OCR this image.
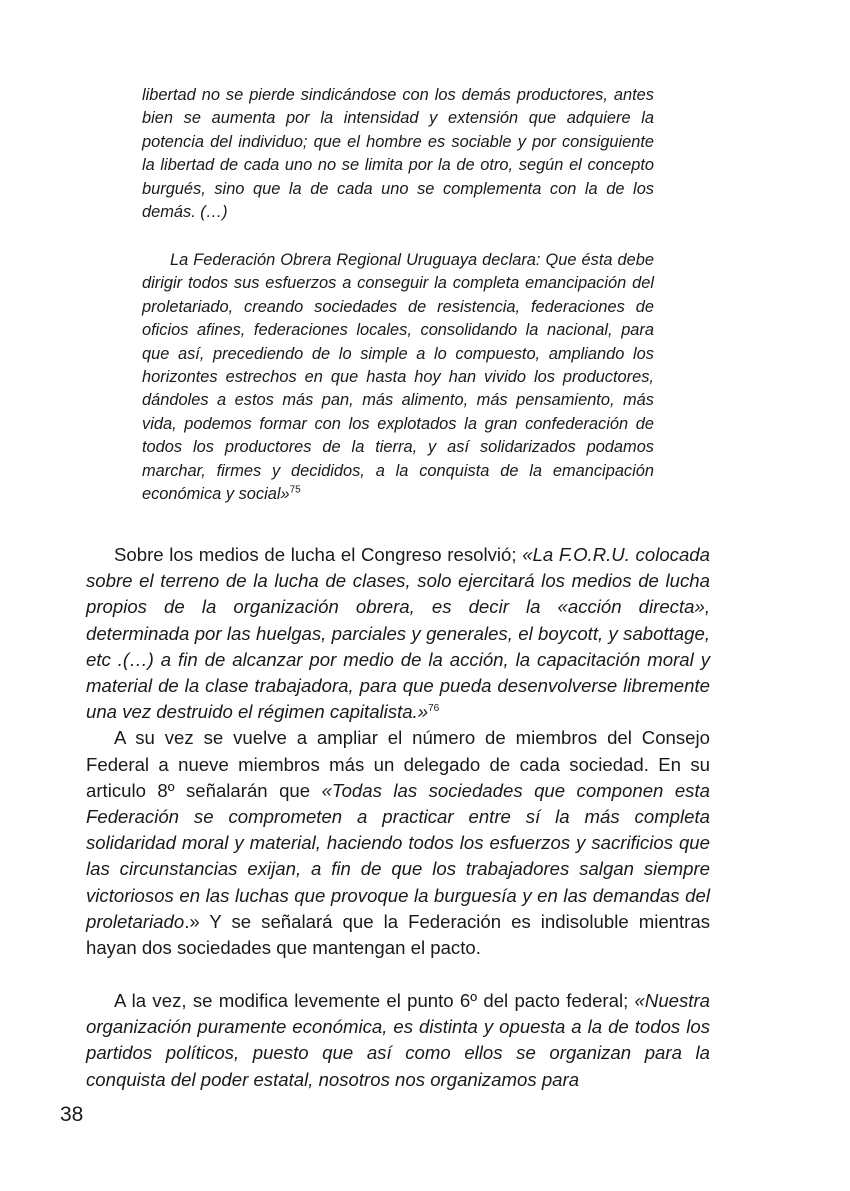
libertad no se pierde sindicándose con los demás productores, antes bien se aumenta por la intensidad y extensión que adquiere la potencia del individuo; que el hombre es sociable y por consiguiente la libertad de cada uno no se limita por la de otro, según el concepto burgués, sino que la de cada uno se complementa con la de los demás. (…)

La Federación Obrera Regional Uruguaya declara: Que ésta debe dirigir todos sus esfuerzos a conseguir la completa emancipación del proletariado, creando sociedades de resistencia, federaciones de oficios afines, federaciones locales, consolidando la nacional, para que así, precediendo de lo simple a lo compuesto, ampliando los horizontes estrechos en que hasta hoy han vivido los productores, dándoles a estos más pan, más alimento, más pensamiento, más vida, podemos formar con los explotados la gran confederación de todos los productores de la tierra, y así solidarizados podamos marchar, firmes y decididos, a la conquista de la emancipación económica y social»$^{75}$

Sobre los medios de lucha el Congreso resolvió; «La F.O.R.U. colocada sobre el terreno de la lucha de clases, solo ejercitará los medios de lucha propios de la organización obrera, es decir la «acción directa», determinada por las huelgas, parciales y generales, el boycott, y sabottage, etc .(…) a fin de alcanzar por medio de la acción, la capacitación moral y material de la clase trabajadora, para que pueda desenvolverse libremente una vez destruido el régimen capitalista.»$^{76}$

A su vez se vuelve a ampliar el número de miembros del Consejo Federal a nueve miembros más un delegado de cada sociedad. En su articulo 8º señalarán que «Todas las sociedades que componen esta Federación se comprometen a practicar entre sí la más completa solidaridad moral y material, haciendo todos los esfuerzos y sacrificios que las circunstancias exijan, a fin de que los trabajadores salgan siempre victoriosos en las luchas que provoque la burguesía y en las demandas del proletariado.» Y se señalará que la Federación es indisoluble mientras hayan dos sociedades que mantengan el pacto.

A la vez, se modifica levemente el punto 6º del pacto federal; «Nuestra organización puramente económica, es distinta y opuesta a la de todos los partidos políticos, puesto que así como ellos se organizan para la conquista del poder estatal, nosotros nos organizamos para

38
